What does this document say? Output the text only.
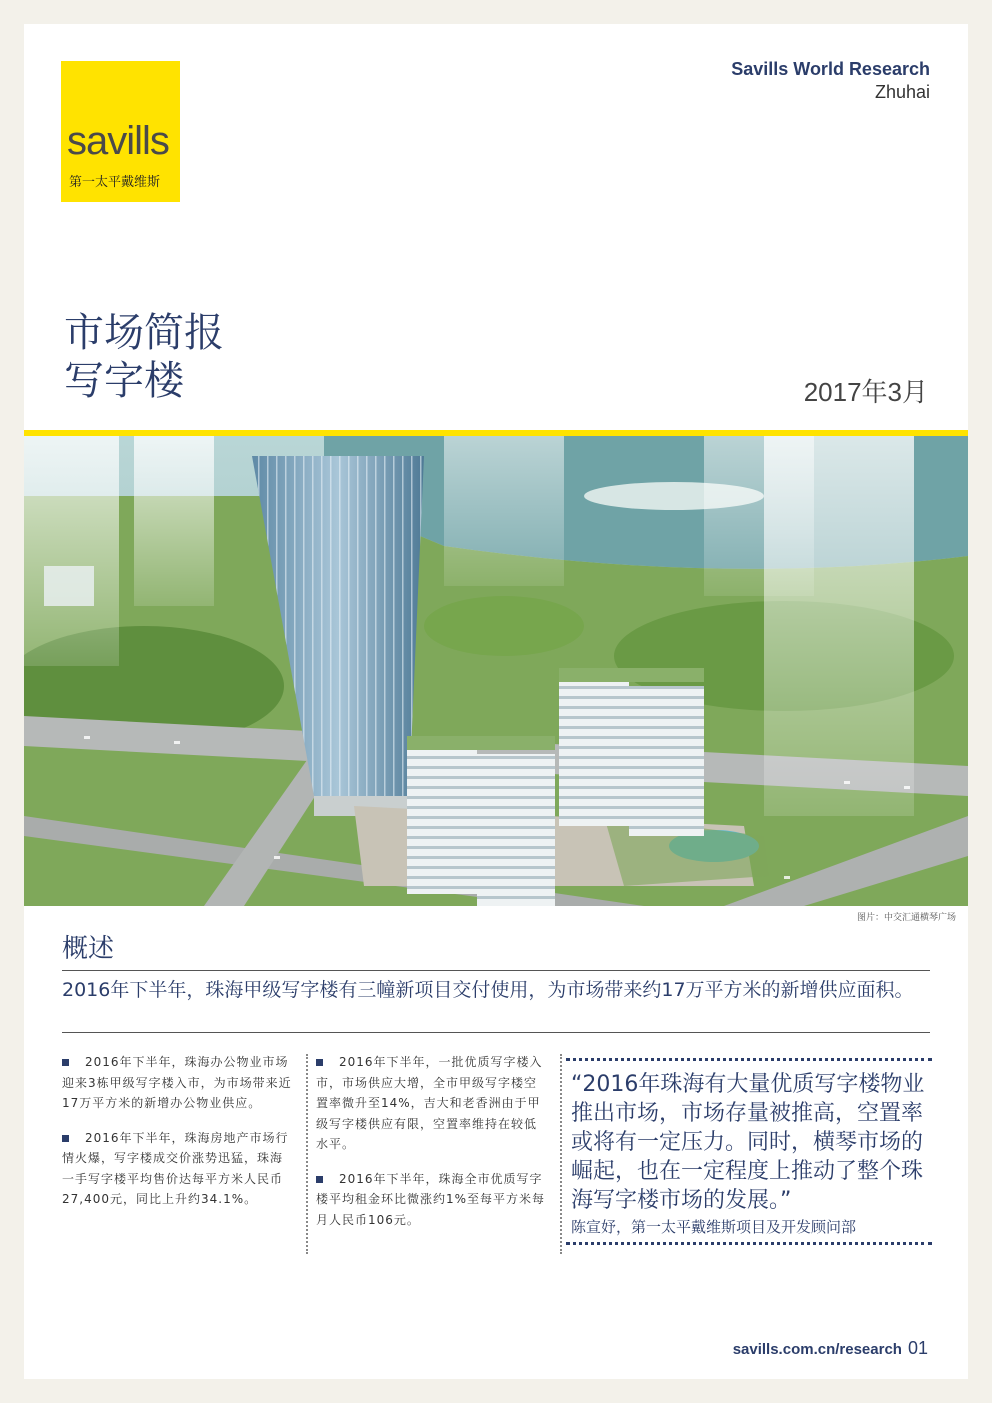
savills
第一太平戴维斯
Savills World Research
Zhuhai
市场简报
写字楼	2017年3月
图片：中交汇通横琴广场
概述
2016年下半年，珠海甲级写字楼有三幢新项目交付使用，为市场带来约17万平方米的新增供应面积。

2016年下半年，珠海办公物业市场迎来3栋甲级写字楼入市，为市场带来近17万平方米的新增办公物业供应。

2016年下半年，珠海房地产市场行情火爆，写字楼成交价涨势迅猛，珠海一手写字楼平均售价达每平方米人民币27,400元，同比上升约34.1%。

2016年下半年，一批优质写字楼入市，市场供应大增，全市甲级写字楼空置率微升至14%，吉大和老香洲由于甲级写字楼供应有限，空置率维持在较低水平。

2016年下半年，珠海全市优质写字楼平均租金环比微涨约1%至每平方米每月人民币106元。

“2016年珠海有大量优质写字楼物业推出市场，市场存量被推高，空置率或将有一定压力。同时，横琴市场的崛起，也在一定程度上推动了整个珠海写字楼市场的发展。”
陈宣妤，第一太平戴维斯项目及开发顾问部
savills.com.cn/research 01
